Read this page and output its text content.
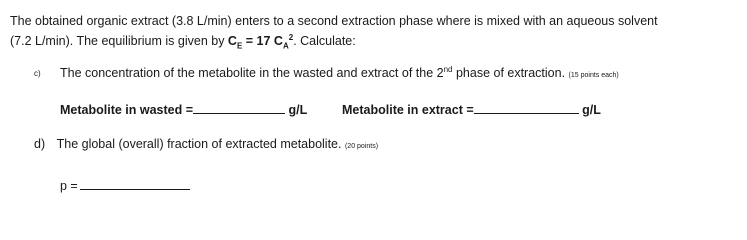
The obtained organic extract (3.8 L/min) enters to a second extraction phase where is mixed with an aqueous solvent
(7.2 L/min). The equilibrium is given by $C_E = 17$ $C_A^2$. Calculate:
c) The concentration of the metabolite in the wasted and extract of the 2nd phase of extraction. (15 points each)
Metabolite in wasted =	g/L	Metabolite in extract =	g/L
d) The global (overall) fraction of extracted metabolite. (20 points)
p =
